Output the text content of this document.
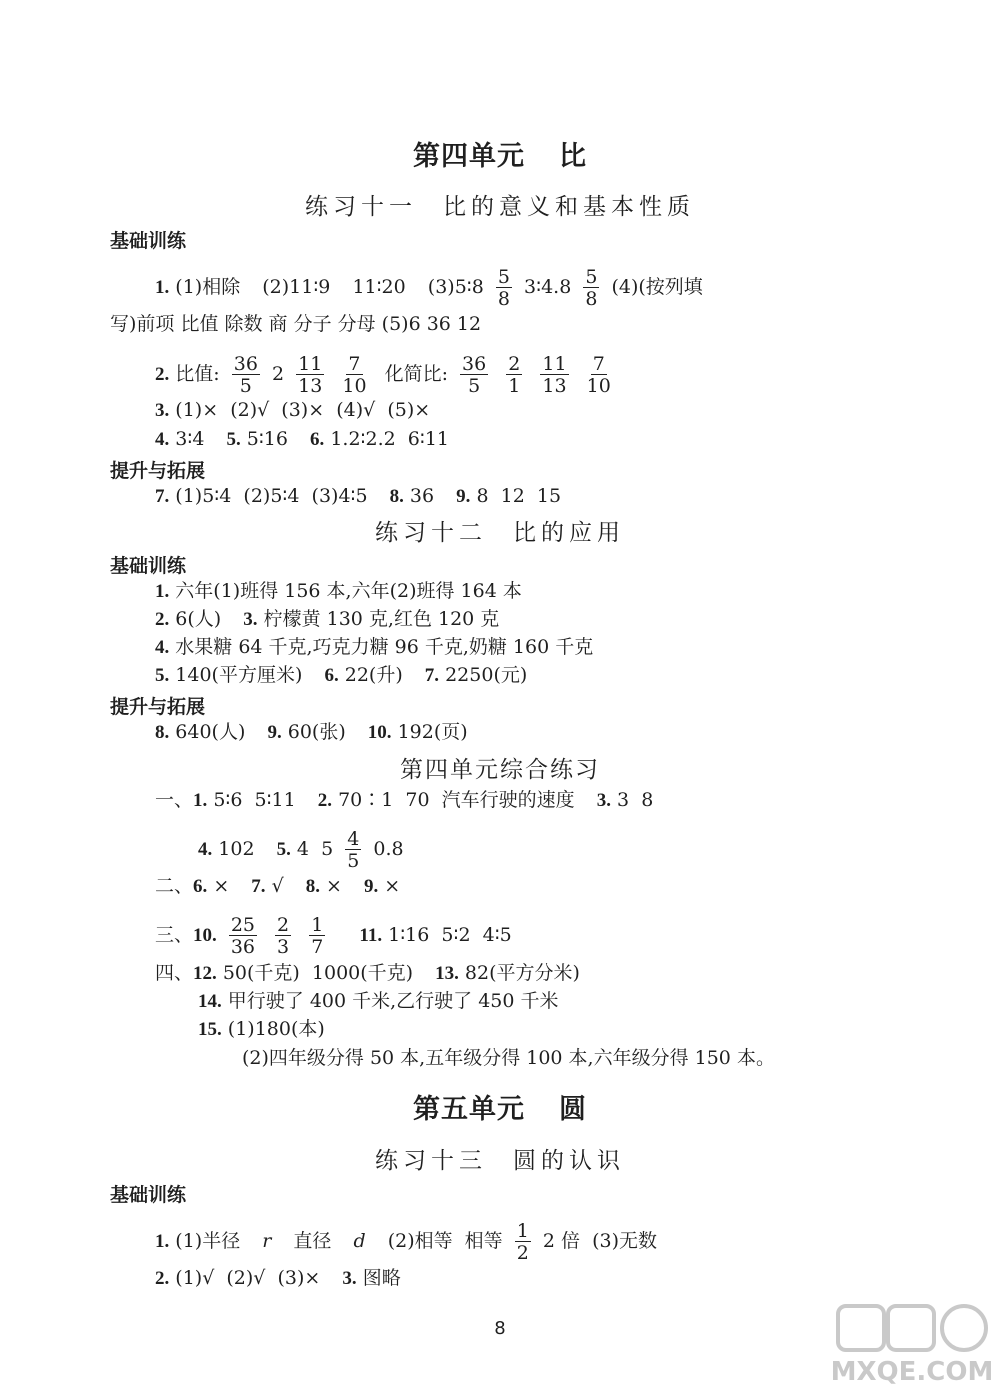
第四单元 比
练习十一 比的意义和基本性质
基础训练
1. (1)相除 (2)11∶9 11∶20 (3)5∶8 $\frac{5}{8}$ 3∶4.8 $\frac{5}{8} (4)$(按列填
写)前项 比值 除数 商 分子 分母 (5)6 36 12
2. 比值: $\frac{36}{5} 2 \frac{11}{13}$
$\frac{7}{10}$ 化简比: $\frac{36}{5}$
$\frac{2}{1}$
$\frac{11}{13}$
$\frac{7}{10}$
3. (1)×  (2)√  (3)×  (4)√  (5)×
4. 3∶4 5. 5∶16 6. 1.2∶2.2  6∶11
提升与拓展
7. (1)5∶4  (2)5∶4  (3)4∶5 8. 36 9. 8  12  15
练习十二 比的应用
基础训练
1. 六年(1)班得 156 本,六年(2)班得 164 本
2. 6(人) 3. 柠檬黄 130 克,红色 120 克
4. 水果糖 64 千克,巧克力糖 96 千克,奶糖 160 千克
5. 140(平方厘米) 6. 22(升) 7. 2250(元)
提升与拓展
8. 640(人) 9. 60(张) 10. 192(页)
第四单元综合练习
一、1. 5∶6  5∶11 2. 70∶1  70  汽车行驶的速度 3. 3  8
4. 102 5. 4  $5 \frac{4}{5} 0.8$
二、6. × 7. √ 8. × 9. ×
三、10. $\frac{25}{36}$
$\frac{2}{3}$
$\frac{1}{7} 11$. 1∶16  5∶2  4∶5
四、12. 50(千克)  1000(千克) 13. 82(平方分米)
14. 甲行驶了 400 千米,乙行驶了 450 千米
15. (1)180(本)
(2)四年级分得 50 本,五年级分得 100 本,六年级分得 150 本。
第五单元 圆
练习十三 圆的认识
基础训练
1. (1)半径 r 直径 d (2)相等  相等 $\frac{1}{2} 2$ 倍  (3)无数
2. (1)√  (2)√  (3)× 3. 图略
8
MXQE.COM
